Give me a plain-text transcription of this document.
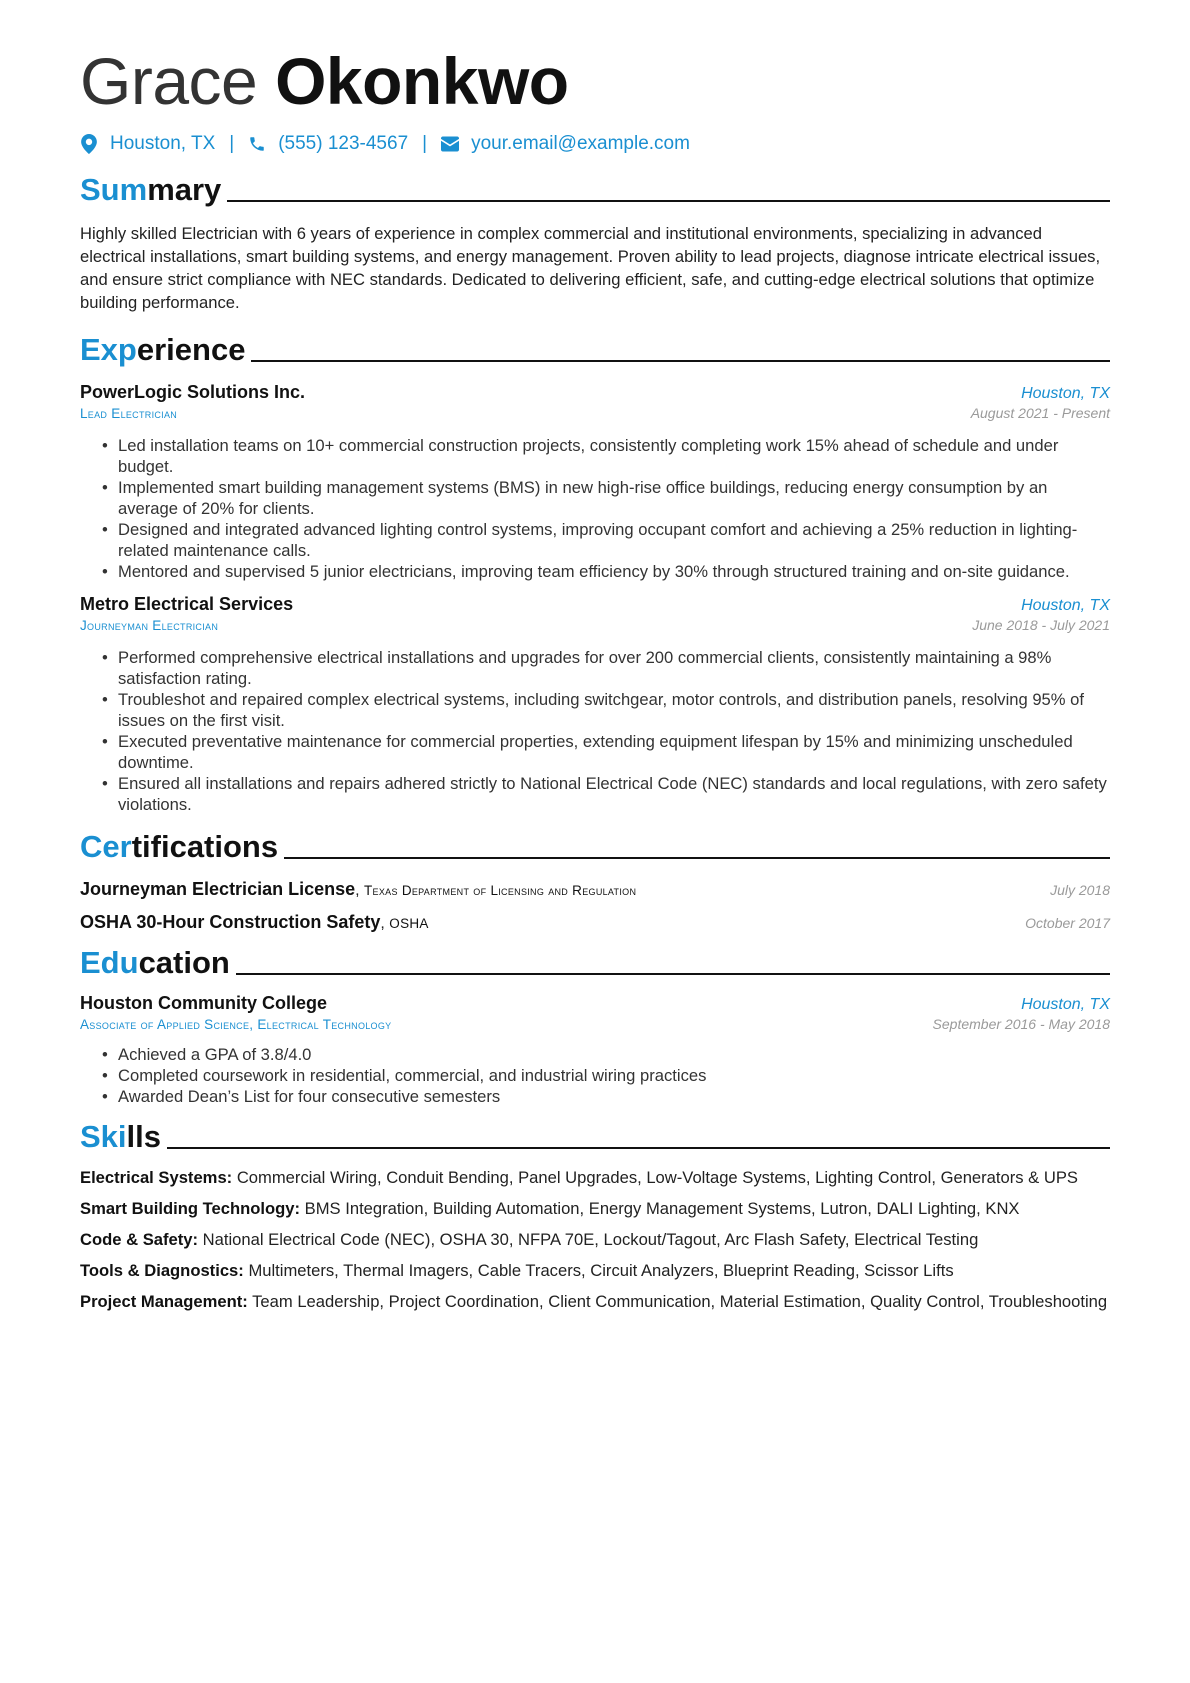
Grace Okonkwo
Houston, TX | (555) 123-4567 | your.email@example.com
Summary
Highly skilled Electrician with 6 years of experience in complex commercial and institutional environments, specializing in advanced electrical installations, smart building systems, and energy management. Proven ability to lead projects, diagnose intricate electrical issues, and ensure strict compliance with NEC standards. Dedicated to delivering efficient, safe, and cutting-edge electrical solutions that optimize building performance.
Experience
PowerLogic Solutions Inc.	Houston, TX
Lead Electrician	August 2021 - Present
• Led installation teams on 10+ commercial construction projects, consistently completing work 15% ahead of schedule and under budget.
• Implemented smart building management systems (BMS) in new high-rise office buildings, reducing energy consumption by an average of 20% for clients.
• Designed and integrated advanced lighting control systems, improving occupant comfort and achieving a 25% reduction in lighting-related maintenance calls.
• Mentored and supervised 5 junior electricians, improving team efficiency by 30% through structured training and on-site guidance.
Metro Electrical Services	Houston, TX
Journeyman Electrician	June 2018 - July 2021
• Performed comprehensive electrical installations and upgrades for over 200 commercial clients, consistently maintaining a 98% satisfaction rating.
• Troubleshot and repaired complex electrical systems, including switchgear, motor controls, and distribution panels, resolving 95% of issues on the first visit.
• Executed preventative maintenance for commercial properties, extending equipment lifespan by 15% and minimizing unscheduled downtime.
• Ensured all installations and repairs adhered strictly to National Electrical Code (NEC) standards and local regulations, with zero safety violations.
Certifications
Journeyman Electrician License, Texas Department of Licensing and Regulation	July 2018
OSHA 30-Hour Construction Safety, OSHA	October 2017
Education
Houston Community College	Houston, TX
Associate of Applied Science, Electrical Technology	September 2016 - May 2018
• Achieved a GPA of 3.8/4.0
• Completed coursework in residential, commercial, and industrial wiring practices
• Awarded Dean’s List for four consecutive semesters
Skills
Electrical Systems: Commercial Wiring, Conduit Bending, Panel Upgrades, Low-Voltage Systems, Lighting Control, Generators & UPS
Smart Building Technology: BMS Integration, Building Automation, Energy Management Systems, Lutron, DALI Lighting, KNX
Code & Safety: National Electrical Code (NEC), OSHA 30, NFPA 70E, Lockout/Tagout, Arc Flash Safety, Electrical Testing
Tools & Diagnostics: Multimeters, Thermal Imagers, Cable Tracers, Circuit Analyzers, Blueprint Reading, Scissor Lifts
Project Management: Team Leadership, Project Coordination, Client Communication, Material Estimation, Quality Control, Troubleshooting
